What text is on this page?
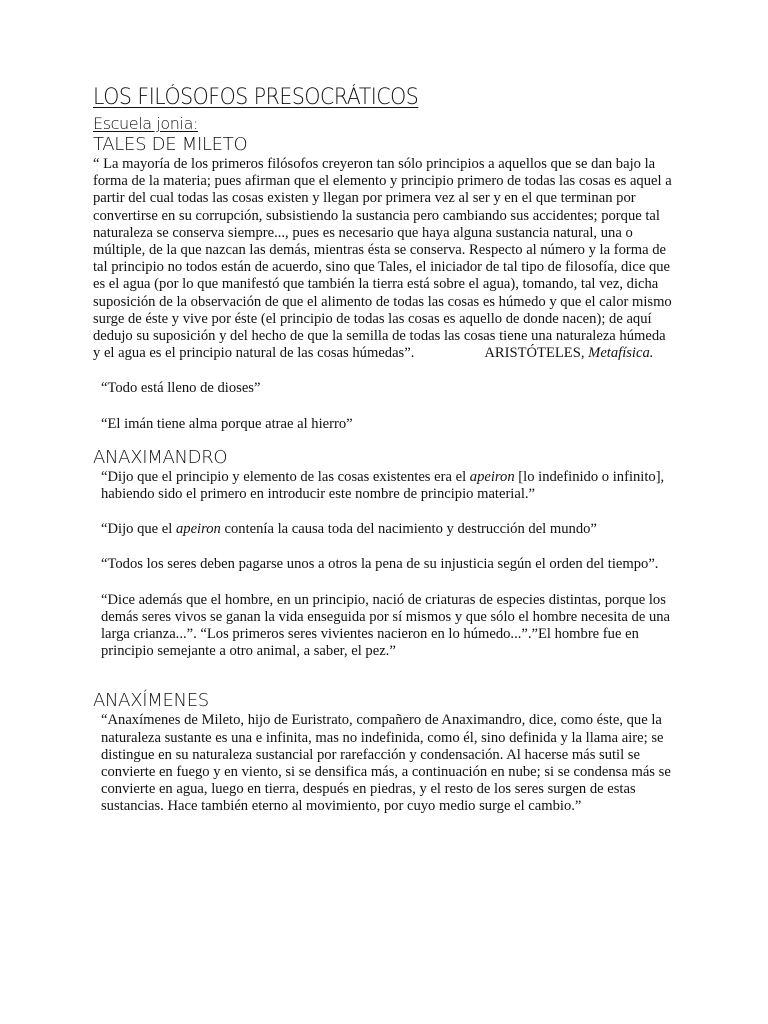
LOS FILÓSOFOS PRESOCRÁTICOS
Escuela jonia:
TALES DE MILETO

“ La mayoría de los primeros filósofos creyeron tan sólo principios a aquellos que se dan bajo la forma de la materia; pues afirman que el elemento y principio primero de todas las cosas es aquel a partir del cual todas las cosas existen y llegan por primera vez al ser y en el que terminan por convertirse en su corrupción, subsistiendo la sustancia pero cambiando sus accidentes; porque tal naturaleza se conserva siempre..., pues es necesario que haya alguna sustancia natural, una o múltiple, de la que nazcan las demás, mientras ésta se conserva. Respecto al número y la forma de tal principio no todos están de acuerdo, sino que Tales, el iniciador de tal tipo de filosofía, dice que es el agua (por lo que manifestó que también la tierra está sobre el agua), tomando, tal vez, dicha suposición de la observación de que el alimento de todas las cosas es húmedo y que el calor mismo surge de éste y vive por éste (el principio de todas las cosas es aquello de donde nacen); de aquí dedujo su suposición y del hecho de que la semilla de todas las cosas tiene una naturaleza húmeda y el agua es el principio natural de las cosas húmedas”.	ARISTÓTELES, Metafísica.

“Todo está lleno de dioses”

“El imán tiene alma porque atrae al hierro”

ANAXIMANDRO

“Dijo que el principio y elemento de las cosas existentes era el apeiron [lo indefinido o infinito], habiendo sido el primero en introducir este nombre de principio material.”

“Dijo que el apeiron contenía la causa toda del nacimiento y destrucción del mundo”

“Todos los seres deben pagarse unos a otros la pena de su injusticia según el orden del tiempo”.

“Dice además que el hombre, en un principio, nació de criaturas de especies distintas, porque los demás seres vivos se ganan la vida enseguida por sí mismos y que sólo el hombre necesita de una larga crianza...”. “Los primeros seres vivientes nacieron en lo húmedo...”.”El hombre fue en principio semejante a otro animal, a saber, el pez.”

ANAXÍMENES

“Anaxímenes de Mileto, hijo de Euristrato, compañero de Anaximandro, dice, como éste, que la naturaleza sustante es una e infinita, mas no indefinida, como él, sino definida y la llama aire; se distingue en su naturaleza sustancial por rarefacción y condensación. Al hacerse más sutil se convierte en fuego y en viento, si se densifica más, a continuación en nube; si se condensa más se convierte en agua, luego en tierra, después en piedras, y el resto de los seres surgen de estas sustancias. Hace también eterno al movimiento, por cuyo medio surge el cambio.”
